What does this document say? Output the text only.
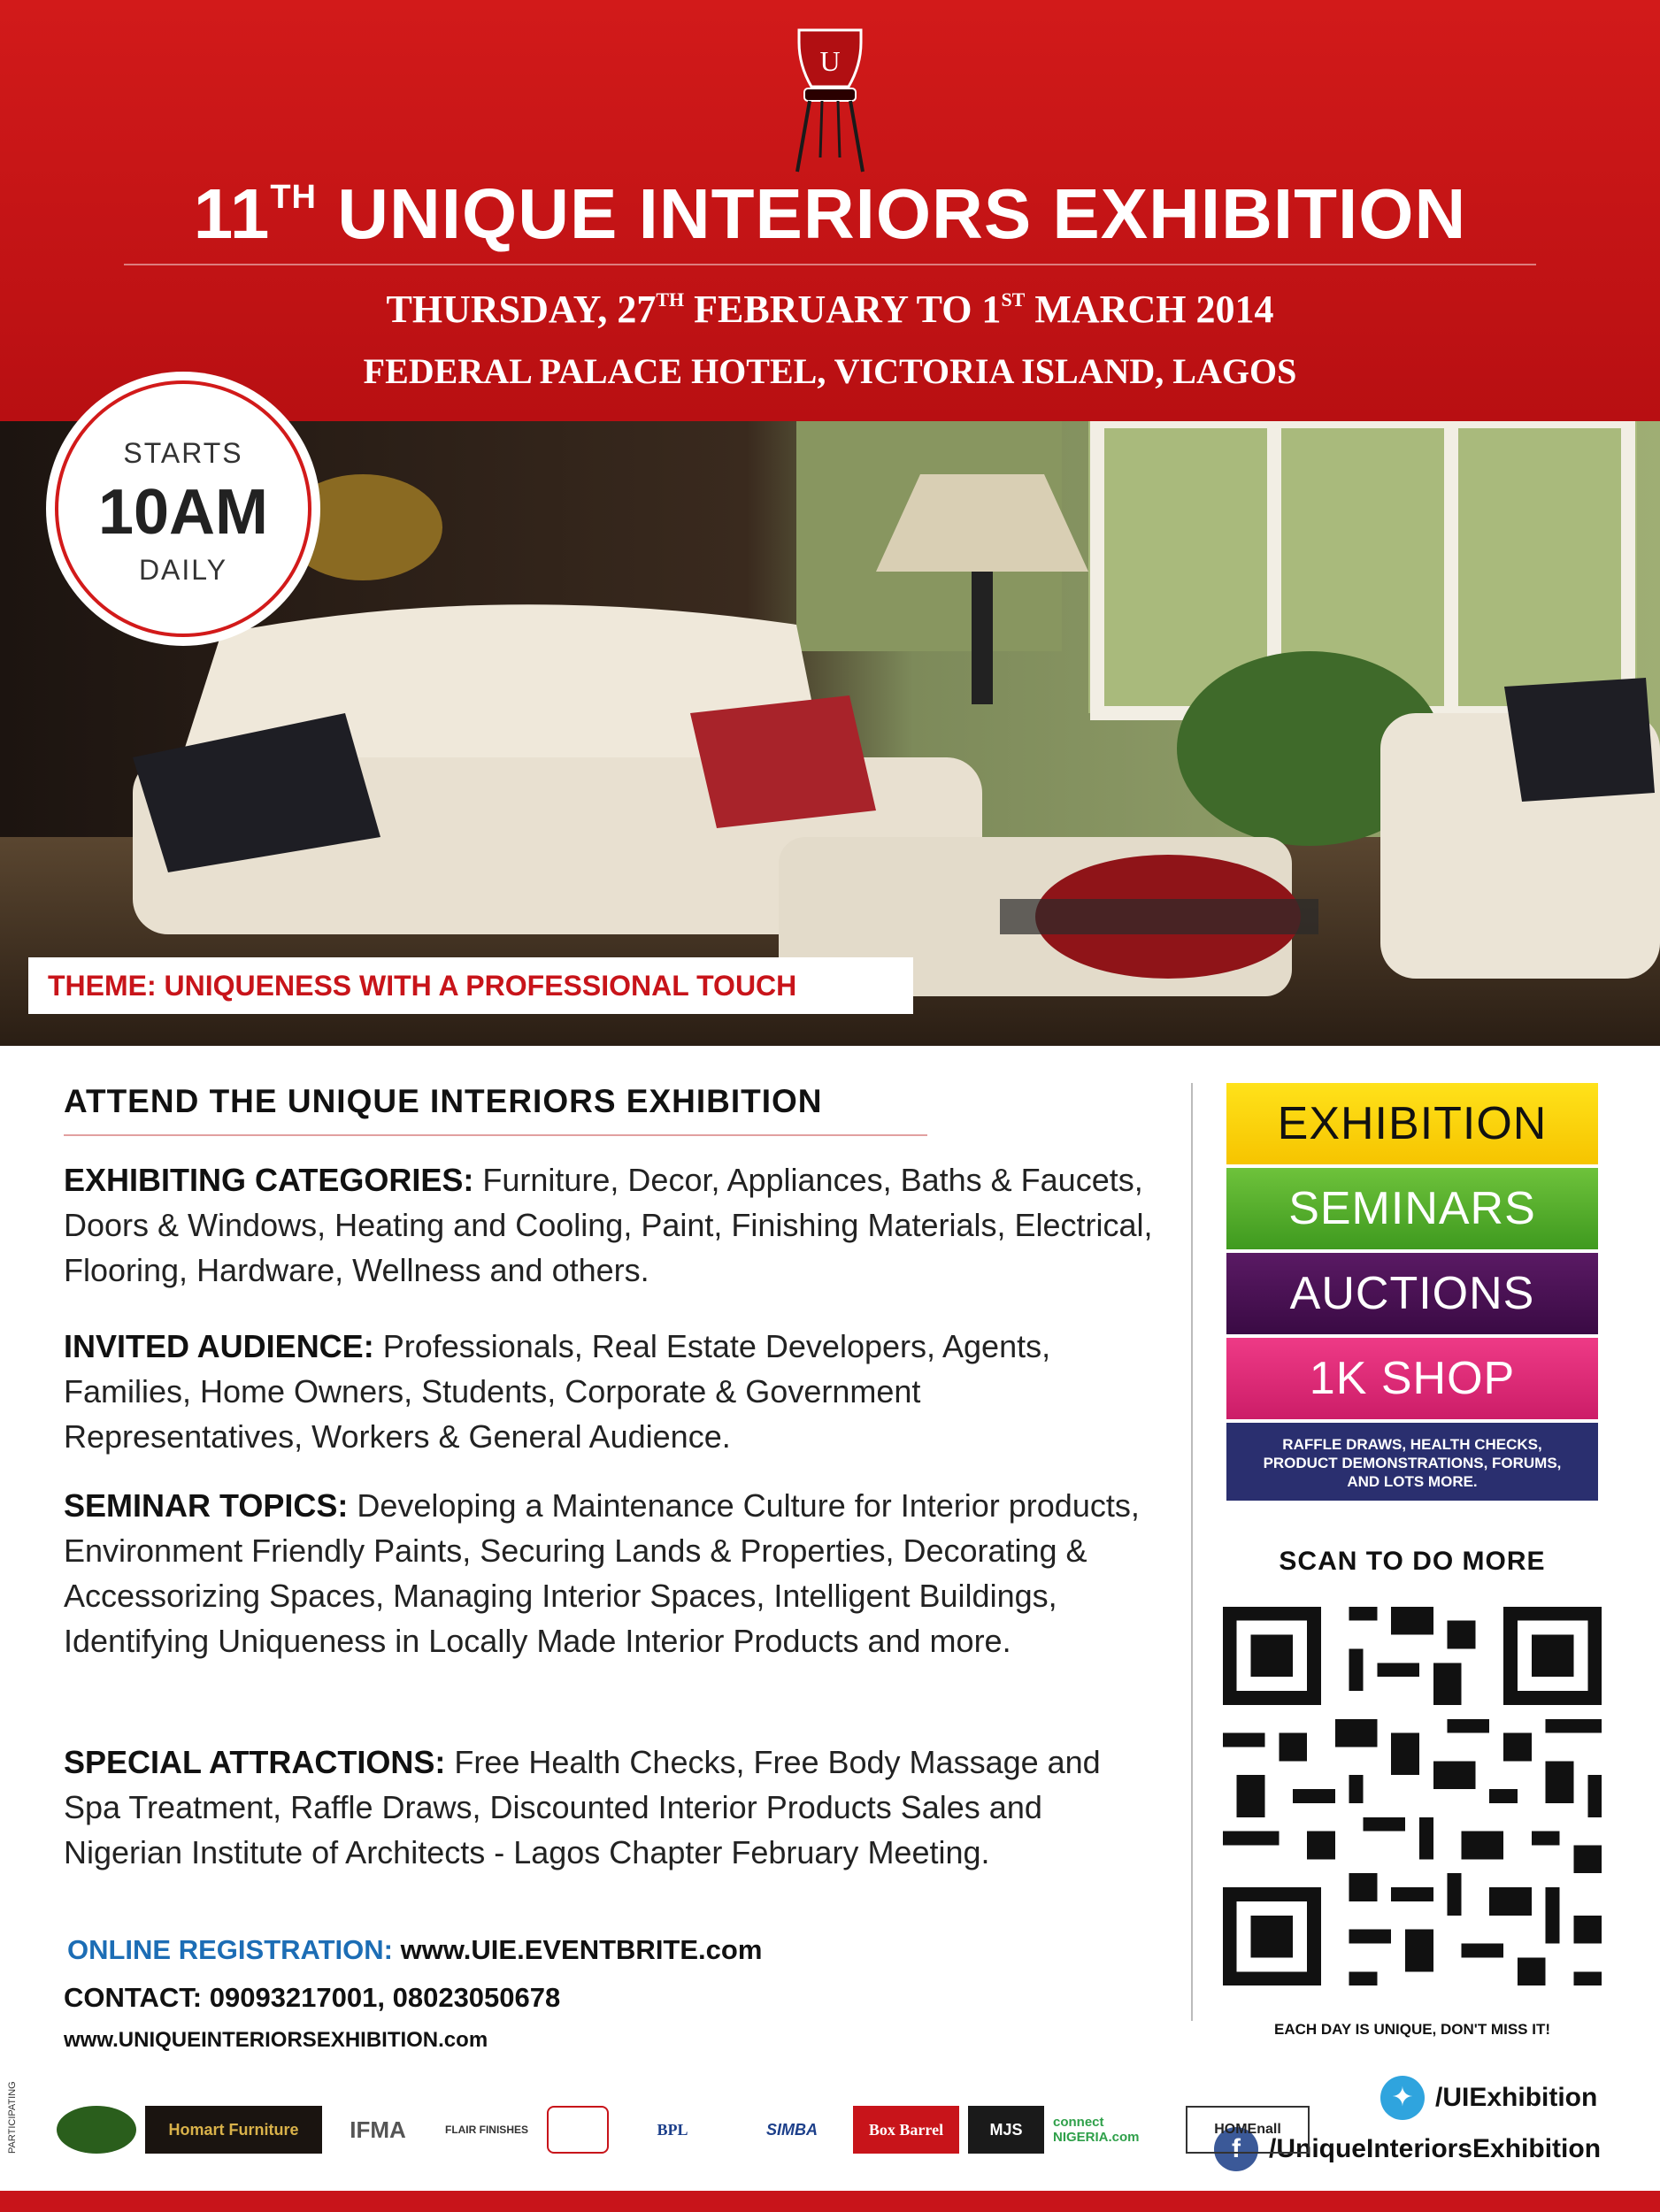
U
11TH UNIQUE INTERIORS EXHIBITION
THURSDAY, 27TH FEBRUARY TO 1ST MARCH 2014
FEDERAL PALACE HOTEL, VICTORIA ISLAND, LAGOS
STARTS
10AM
DAILY
THEME: UNIQUENESS WITH A PROFESSIONAL TOUCH
ATTEND THE UNIQUE INTERIORS EXHIBITION
EXHIBITING CATEGORIES: Furniture, Decor, Appliances, Baths & Faucets, Doors & Windows, Heating and Cooling, Paint, Finishing Materials, Electrical, Flooring, Hardware, Wellness and others.
INVITED AUDIENCE: Professionals, Real Estate Developers, Agents, Families, Home Owners, Students, Corporate & Government Representatives, Workers & General Audience.
SEMINAR TOPICS: Developing a Maintenance Culture for Interior products, Environment Friendly Paints, Securing Lands & Properties, Decorating & Accessorizing Spaces, Managing Interior Spaces, Intelligent Buildings, Identifying Uniqueness in Locally Made Interior Products and more.
SPECIAL ATTRACTIONS: Free Health Checks, Free Body Massage and Spa Treatment, Raffle Draws, Discounted Interior Products Sales and Nigerian Institute of Architects - Lagos Chapter February Meeting.
ONLINE REGISTRATION: www.UIE.EVENTBRITE.com
CONTACT: 09093217001, 08023050678
www.UNIQUEINTERIORSEXHIBITION.com
EXHIBITION
SEMINARS
AUCTIONS
1K SHOP
RAFFLE DRAWS, HEALTH CHECKS,
PRODUCT DEMONSTRATIONS, FORUMS,
AND LOTS MORE.
SCAN TO DO MORE
EACH DAY IS UNIQUE, DON'T MISS IT!
✦ /UIExhibition
f	/UniqueInteriorsExhibition
PARTICIPATING	Homart Furniture	IFMA	FLAIR FINISHES	BPL	SIMBA	Box Barrel	MJS	connect NIGERIA.com
HOMEnall
